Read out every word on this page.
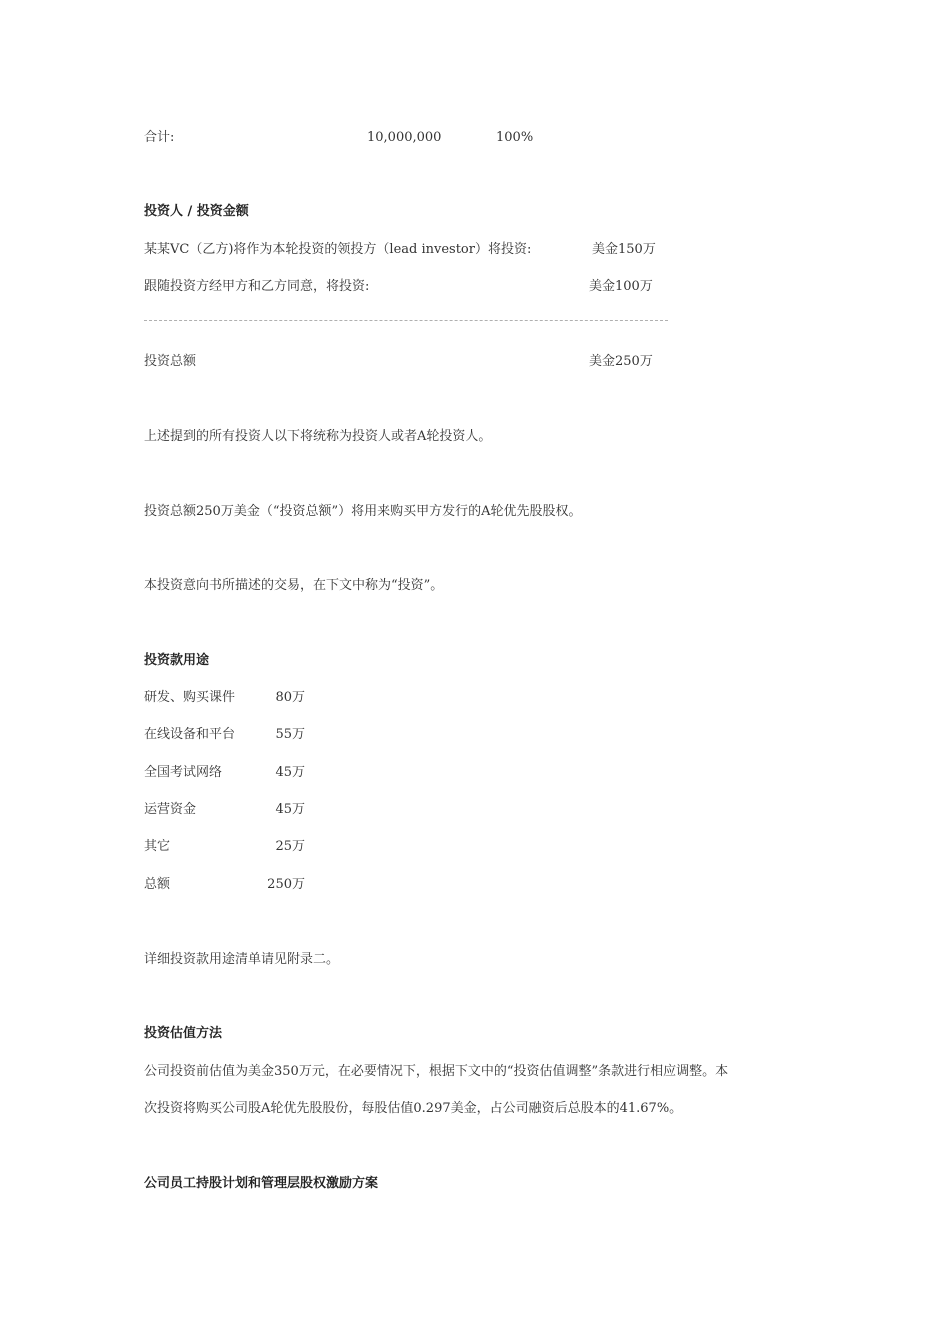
合计:	10,000,000	100%
投资人 / 投资金额
某某VC（乙方)将作为本轮投资的领投方（lead investor）将投资:	美金150万
跟随投资方经甲方和乙方同意，将投资:	美金100万
投资总额	美金250万
上述提到的所有投资人以下将统称为投资人或者A轮投资人。
投资总额250万美金（“投资总额”）将用来购买甲方发行的A轮优先股股权。
本投资意向书所描述的交易，在下文中称为“投资”。
投资款用途
研发、购买课件	80万
在线设备和平台	55万
全国考试网络	45万
运营资金	45万
其它	25万
总额	250万
详细投资款用途清单请见附录二。
投资估值方法
公司投资前估值为美金350万元，在必要情况下，根据下文中的“投资估值调整”条款进行相应调整。本
次投资将购买公司股A轮优先股股份，每股估值0.297美金，占公司融资后总股本的41.67%。
公司员工持股计划和管理层股权激励方案
